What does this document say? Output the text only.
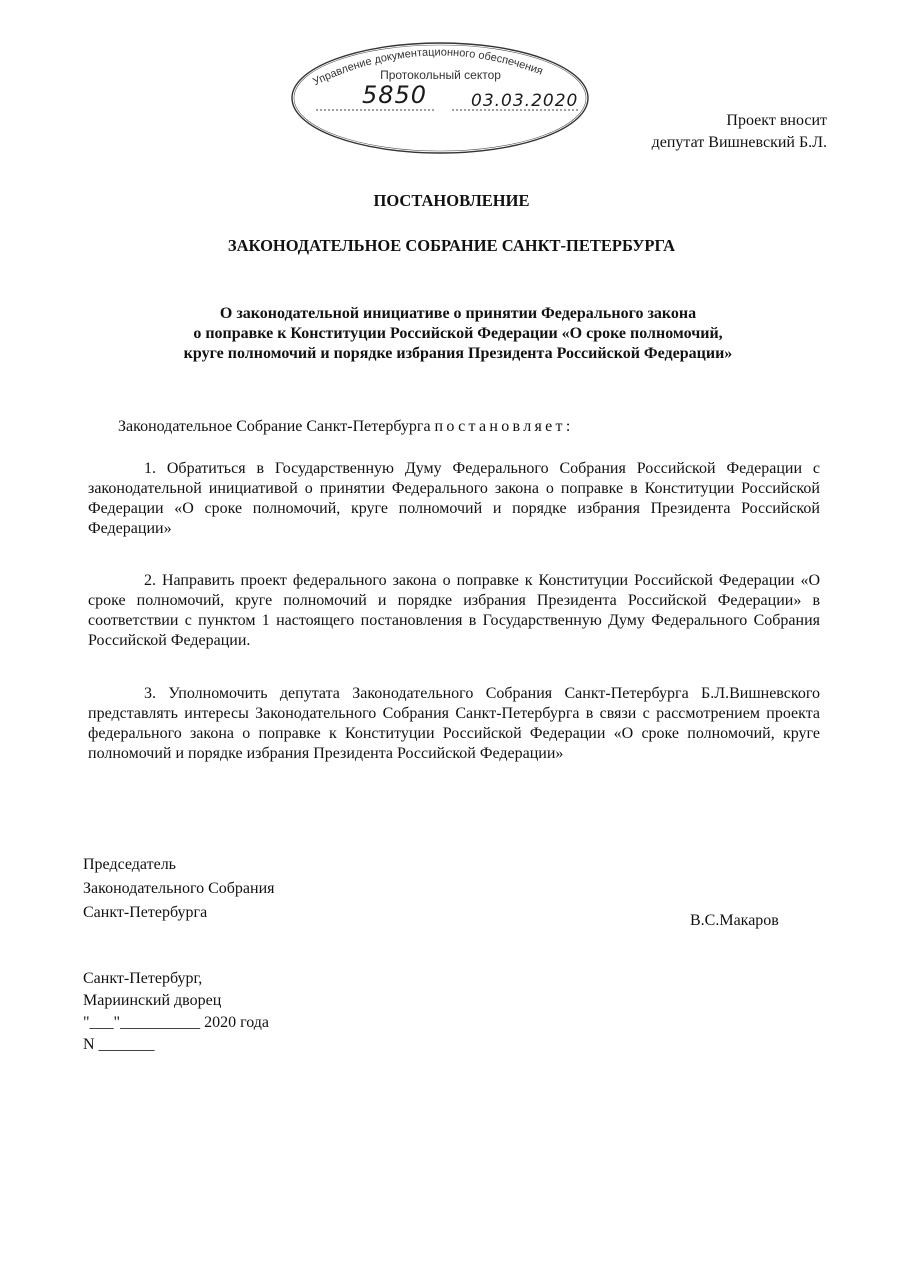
Управление документационного обеспечения
Протокольный сектор
5850	03.03.2020
Проект вносит
депутат Вишневский Б.Л.
ПОСТАНОВЛЕНИЕ
ЗАКОНОДАТЕЛЬНОЕ СОБРАНИЕ САНКТ-ПЕТЕРБУРГА
О законодательной инициативе о принятии Федерального закона
о поправке к Конституции Российской Федерации «О сроке полномочий,
круге полномочий и порядке избрания Президента Российской Федерации»
Законодательное Собрание Санкт-Петербурга постановляет:
1. Обратиться в Государственную Думу Федерального Собрания Российской Федерации с законодательной инициативой о принятии Федерального закона о поправке в Конституции Российской Федерации «О сроке полномочий, круге полномочий и порядке избрания Президента Российской Федерации»
2. Направить проект федерального закона о поправке к Конституции Российской Федерации «О сроке полномочий, круге полномочий и порядке избрания Президента Российской Федерации» в соответствии с пунктом 1 настоящего постановления в Государственную Думу Федерального Собрания Российской Федерации.
3. Уполномочить депутата Законодательного Собрания Санкт-Петербурга Б.Л.Вишневского представлять интересы Законодательного Собрания Санкт-Петербурга в связи с рассмотрением проекта федерального закона о поправке к Конституции Российской Федерации «О сроке полномочий, круге полномочий и порядке избрания Президента Российской Федерации»
Председатель
Законодательного Собрания
Санкт-Петербурга	В.С.Макаров
Санкт-Петербург,
Мариинский дворец
"___"__________ 2020 года
N _______
